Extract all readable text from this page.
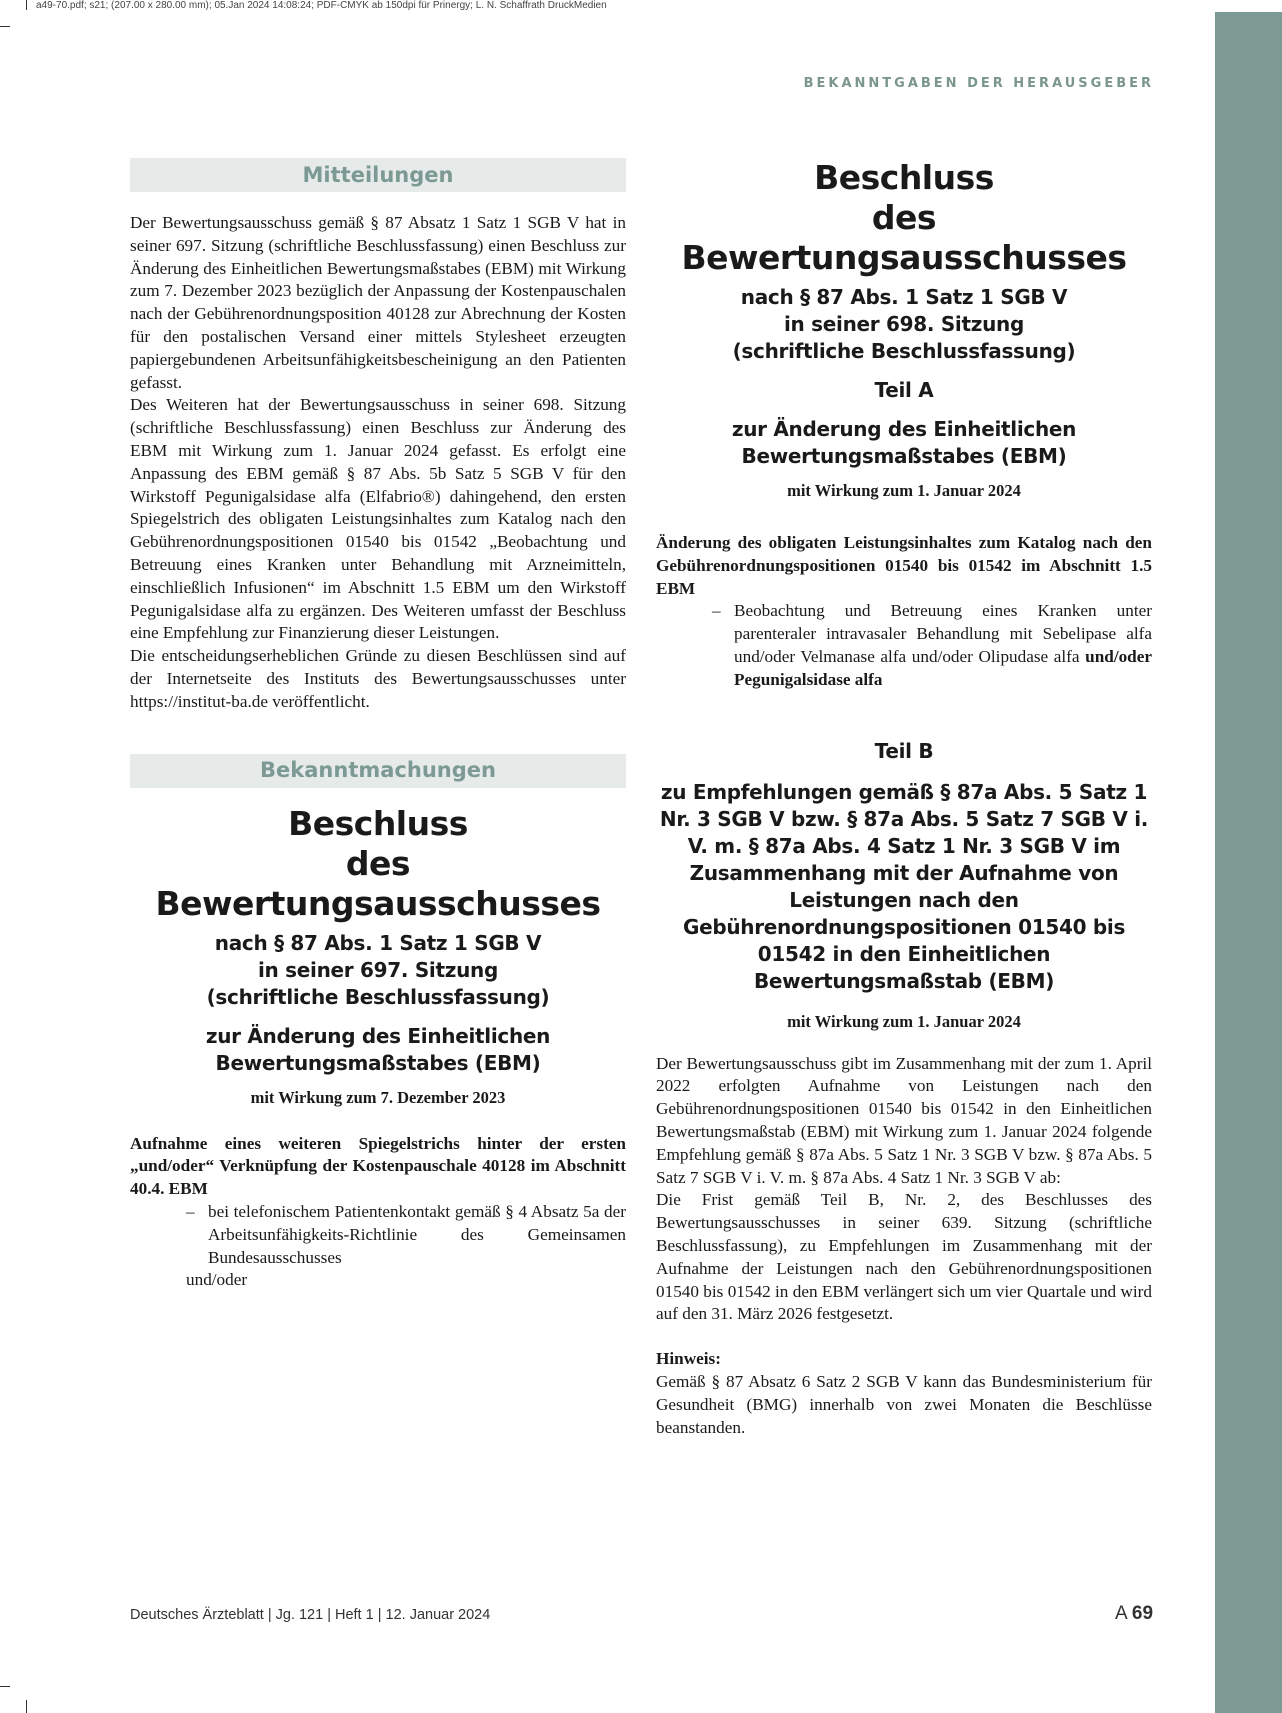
a49-70.pdf; s21; (207.00 x 280.00 mm); 05.Jan 2024 14:08:24; PDF-CMYK ab 150dpi für Prinergy; L. N. Schaffrath DruckMedien
BEKANNTGABEN DER HERAUSGEBER
Mitteilungen

Der Bewertungsausschuss gemäß § 87 Absatz 1 Satz 1 SGB V hat in seiner 697. Sitzung (schriftliche Beschlussfassung) einen Beschluss zur Änderung des Einheitlichen Bewertungsmaßstabes (EBM) mit Wirkung zum 7. Dezember 2023 bezüglich der Anpassung der Kostenpauschalen nach der Gebührenordnungsposition 40128 zur Abrechnung der Kosten für den postalischen Versand einer mittels Stylesheet erzeugten papiergebundenen Arbeitsunfähigkeitsbescheinigung an den Patienten gefasst.

Des Weiteren hat der Bewertungsausschuss in seiner 698. Sitzung (schriftliche Beschlussfassung) einen Beschluss zur Änderung des EBM mit Wirkung zum 1. Januar 2024 gefasst. Es erfolgt eine Anpassung des EBM gemäß § 87 Abs. 5b Satz 5 SGB V für den Wirkstoff Pegunigalsidase alfa (Elfabrio®) dahingehend, den ersten Spiegelstrich des obligaten Leistungsinhaltes zum Katalog nach den Gebührenordnungspositionen 01540 bis 01542 „Beobachtung und Betreuung eines Kranken unter Behandlung mit Arzneimitteln, einschließlich Infusionen“ im Abschnitt 1.5 EBM um den Wirkstoff Pegunigalsidase alfa zu ergänzen. Des Weiteren umfasst der Beschluss eine Empfehlung zur Finanzierung dieser Leistungen.

Die entscheidungserheblichen Gründe zu diesen Beschlüssen sind auf der Internetseite des Instituts des Bewertungsausschusses unter https://institut-ba.de veröffentlicht.

Bekanntmachungen
Beschluss
des Bewertungsausschusses
nach § 87 Abs. 1 Satz 1 SGB V
in seiner 697. Sitzung
(schriftliche Beschlussfassung)
zur Änderung des Einheitlichen
Bewertungsmaßstabes (EBM)
mit Wirkung zum 7. Dezember 2023

Aufnahme eines weiteren Spiegelstrichs hinter der ersten „und/oder“ Verknüpfung der Kostenpauschale 40128 im Abschnitt 40.4. EBM

– bei telefonischem Patientenkontakt gemäß § 4 Absatz 5a der Arbeitsunfähigkeits-Richtlinie des Gemeinsamen Bundesausschusses
und/oder
Beschluss
des Bewertungsausschusses
nach § 87 Abs. 1 Satz 1 SGB V
in seiner 698. Sitzung
(schriftliche Beschlussfassung)
Teil A
zur Änderung des Einheitlichen
Bewertungsmaßstabes (EBM)
mit Wirkung zum 1. Januar 2024

Änderung des obligaten Leistungsinhaltes zum Katalog nach den Gebührenordnungspositionen 01540 bis 01542 im Abschnitt 1.5 EBM

– Beobachtung und Betreuung eines Kranken unter parenteraler intravasaler Behandlung mit Sebelipase alfa und/oder Velmanase alfa und/oder Olipudase alfa und/oder Pegunigalsidase alfa
Teil B
zu Empfehlungen gemäß § 87a Abs. 5 Satz 1 Nr. 3 SGB V bzw. § 87a Abs. 5 Satz 7 SGB V i. V. m. § 87a Abs. 4 Satz 1 Nr. 3 SGB V im Zusammenhang mit der Aufnahme von Leistungen nach den Gebührenordnungspositionen 01540 bis 01542 in den Einheitlichen Bewertungsmaßstab (EBM)
mit Wirkung zum 1. Januar 2024

Der Bewertungsausschuss gibt im Zusammenhang mit der zum 1. April 2022 erfolgten Aufnahme von Leistungen nach den Gebührenordnungspositionen 01540 bis 01542 in den Einheitlichen Bewertungsmaßstab (EBM) mit Wirkung zum 1. Januar 2024 folgende Empfehlung gemäß § 87a Abs. 5 Satz 1 Nr. 3 SGB V bzw. § 87a Abs. 5 Satz 7 SGB V i. V. m. § 87a Abs. 4 Satz 1 Nr. 3 SGB V ab:

Die Frist gemäß Teil B, Nr. 2, des Beschlusses des Bewertungsausschusses in seiner 639. Sitzung (schriftliche Beschlussfassung), zu Empfehlungen im Zusammenhang mit der Aufnahme der Leistungen nach den Gebührenordnungspositionen 01540 bis 01542 in den EBM verlängert sich um vier Quartale und wird auf den 31. März 2026 festgesetzt.

Hinweis:

Gemäß § 87 Absatz 6 Satz 2 SGB V kann das Bundesministerium für Gesundheit (BMG) innerhalb von zwei Monaten die Beschlüsse beanstanden.

Deutsches Ärzteblatt | Jg. 121 | Heft 1 | 12. Januar 2024	A 69
